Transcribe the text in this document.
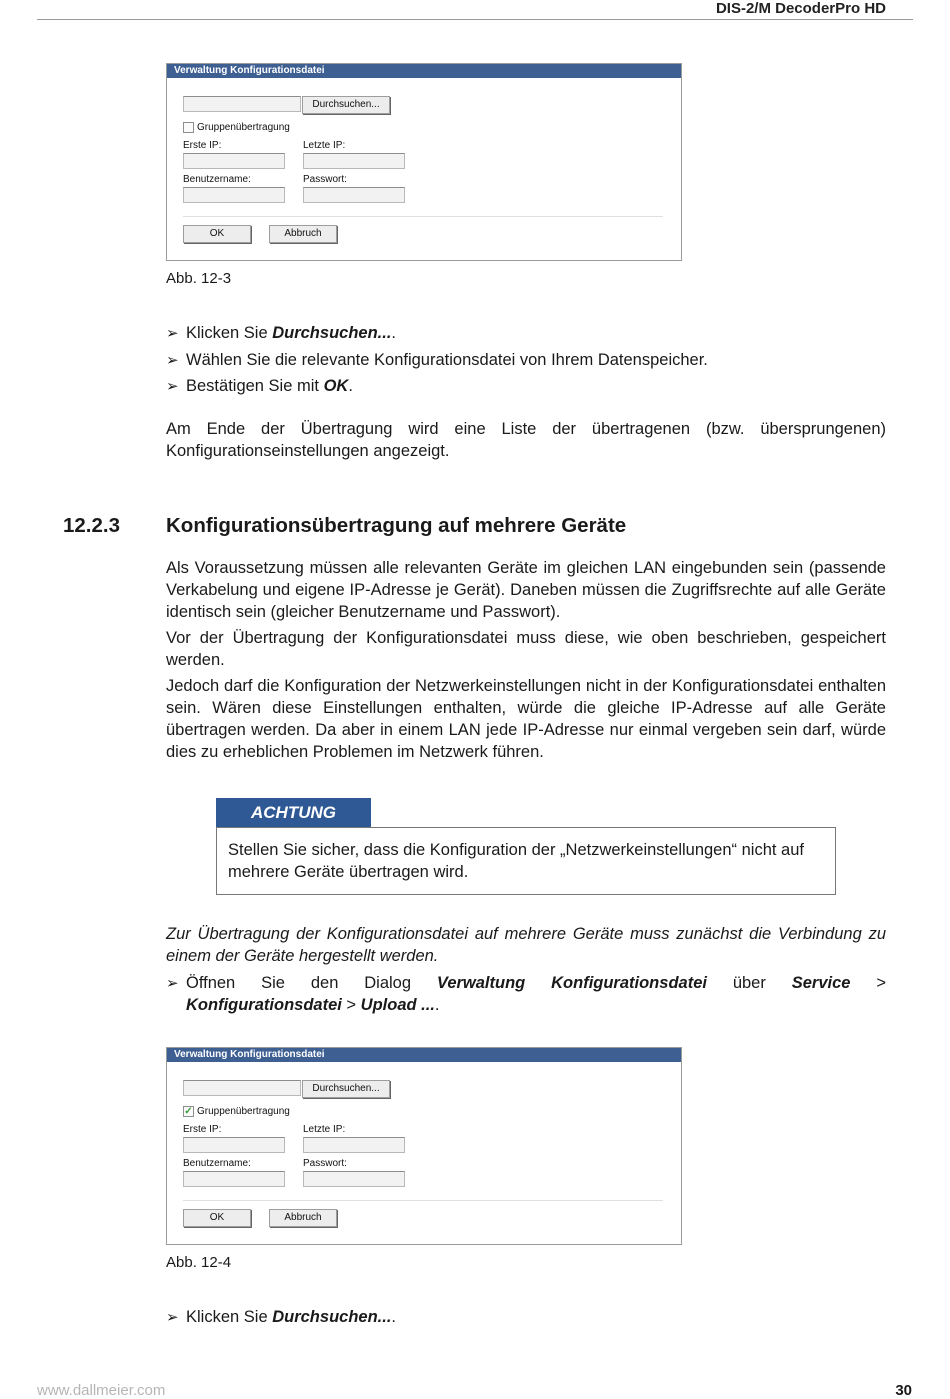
DIS-2/M DecoderPro HD
Verwaltung Konfigurationsdatei
Durchsuchen...
Gruppenübertragung
Erste IP:	Letzte IP:
Benutzername:	Passwort:
OK	Abbruch
Abb. 12-3
➢ Klicken Sie Durchsuchen....
➢ Wählen Sie die relevante Konfigurationsdatei von Ihrem Datenspeicher.
➢ Bestätigen Sie mit OK.
Am Ende der Übertragung wird eine Liste der übertragenen (bzw. übersprungenen) Konfigurationseinstellungen angezeigt.
12.2.3 Konfigurationsübertragung auf mehrere Geräte
Als Voraussetzung müssen alle relevanten Geräte im gleichen LAN eingebunden sein (passende Verkabelung und eigene IP-Adresse je Gerät). Daneben müssen die Zugriffsrechte auf alle Geräte identisch sein (gleicher Benutzername und Passwort).
Vor der Übertragung der Konfigurationsdatei muss diese, wie oben beschrieben, gespeichert werden.
Jedoch darf die Konfiguration der Netzwerkeinstellungen nicht in der Konfigurationsdatei enthalten sein. Wären diese Einstellungen enthalten, würde die gleiche IP-Adresse auf alle Geräte übertragen werden. Da aber in einem LAN jede IP-Adresse nur einmal vergeben sein darf, würde dies zu erheblichen Problemen im Netzwerk führen.
ACHTUNG
Stellen Sie sicher, dass die Konfiguration der „Netzwerkeinstellungen“ nicht auf mehrere Geräte übertragen wird.
Zur Übertragung der Konfigurationsdatei auf mehrere Geräte muss zunächst die Verbindung zu einem der Geräte hergestellt werden.
➢ Öffnen Sie den Dialog Verwaltung Konfigurationsdatei über Service >
Konfigurationsdatei > Upload ....
Verwaltung Konfigurationsdatei
Durchsuchen...
✓ Gruppenübertragung
Erste IP:	Letzte IP:
Benutzername:	Passwort:
OK	Abbruch
Abb. 12-4
➢ Klicken Sie Durchsuchen....
www.dallmeier.com	30
